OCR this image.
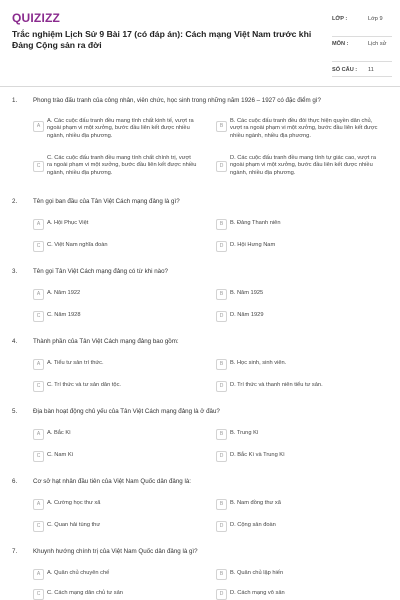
QUIZIZZ
Trắc nghiệm Lịch Sử 9 Bài 17 (có đáp án): Cách mạng Việt Nam trước khi Đảng Cộng sản ra đời
LỚP :	Lớp 9
MÔN :	Lịch sử
SỐ CÂU : 11
1.	Phong trào đấu tranh của công nhân, viên chức, học sinh trong những năm 1926 – 1927 có đặc điểm gì?
A
A. Các cuộc đấu tranh đều mang tính chất kinh tế, vượt ra ngoài phạm vi một xưởng, bước đầu liên kết được nhiều ngành, nhiều địa phương.
B
B. Các cuộc đấu tranh đều đòi thực hiện quyền dân chủ, vượt ra ngoài phạm vi một xưởng, bước đầu liên kết được nhiều ngành, nhiều địa phương.
C
C. Các cuộc đấu tranh đều mang tính chất chính trị, vượt ra ngoài phạm vi một xưởng, bước đầu liên kết được nhiều ngành, nhiều địa phương.
D
D. Các cuộc đấu tranh đều mang tính tự giác cao, vượt ra ngoài phạm vi một xưởng, bước đầu liên kết được nhiều ngành, nhiều địa phương.
2.	Tên gọi ban đầu của Tân Việt Cách mạng đảng là gì?
A	A. Hội Phục Việt	B	B. Đảng Thanh niên
C	C. Việt Nam nghĩa đoàn	D	D. Hội Hưng Nam
3.	Tên gọi Tân Việt Cách mạng đảng có từ khi nào?
A	A. Năm 1922	B	B. Năm 1925
C	C. Năm 1928	D	D. Năm 1929
4.	Thành phần của Tân Việt Cách mạng đảng bao gồm:
A	A. Tiểu tư sản trí thức.	B	B. Học sinh, sinh viên.
C	C. Trí thức và tư sản dân tộc.	D	D. Trí thức và thanh niên tiểu tư sản.
5.	Địa bàn hoạt động chủ yếu của Tân Việt Cách mạng đảng là ở đâu?
A	A. Bắc Kì	B	B. Trung Kì
C	C. Nam Kì	D	D. Bắc Kì và Trung Kì
6.	Cơ sở hạt nhân đầu tiên của Việt Nam Quốc dân đảng là:
A	A. Cường học thư xã	B	B. Nam đồng thư xã
C	C. Quan hải tùng thư	D	D. Cộng sản đoàn
7.	Khuynh hướng chính trị của Việt Nam Quốc dân đảng là gì?
A	A. Quân chủ chuyên chế	B	B. Quân chủ lập hiến
C	C. Cách mạng dân chủ tư sản	D	D. Cách mạng vô sản
